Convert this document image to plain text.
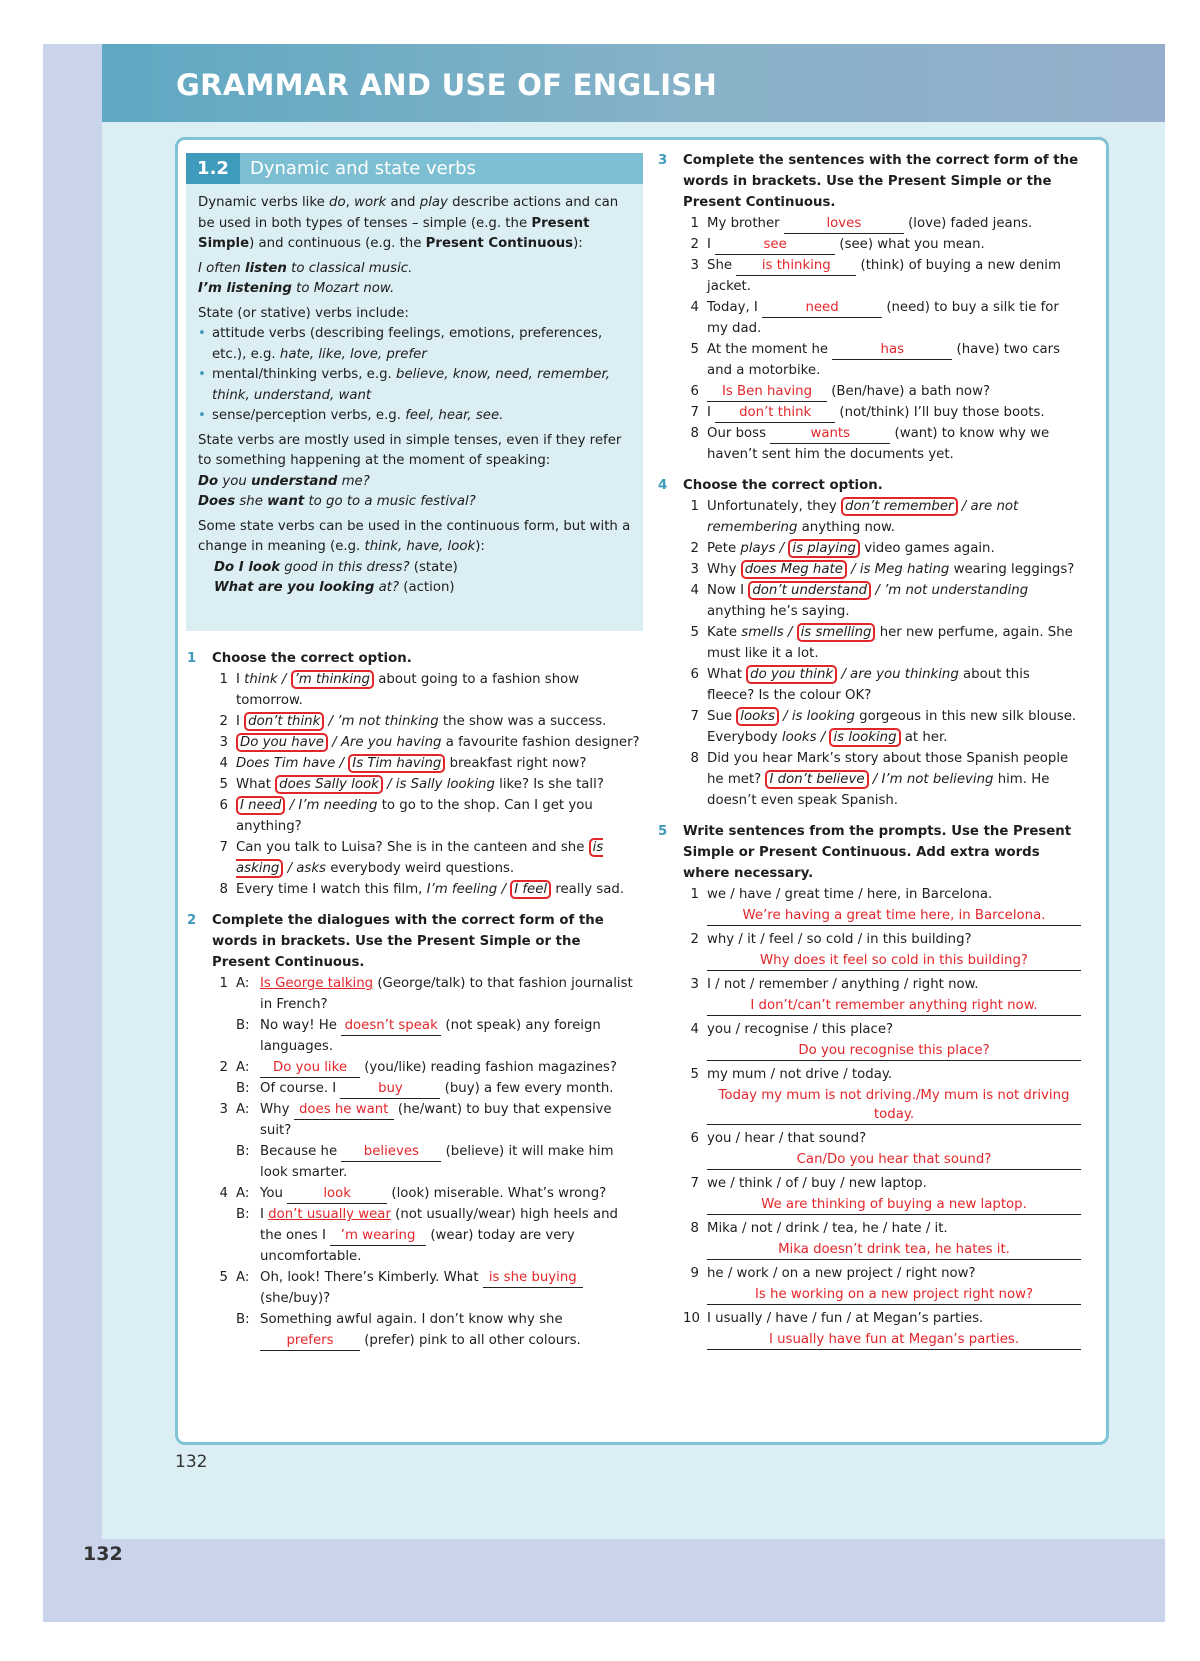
GRAMMAR AND USE OF ENGLISH
1.2	Dynamic and state verbs

Dynamic verbs like do, work and play describe actions and can be used in both types of tenses – simple (e.g. the Present Simple) and continuous (e.g. the Present Continuous):

I often listen to classical music.

I’m listening to Mozart now.

State (or stative) verbs include:

• attitude verbs (describing feelings, emotions, preferences, etc.), e.g. hate, like, love, prefer

• mental/thinking verbs, e.g. believe, know, need, remember, think, understand, want

• sense/perception verbs, e.g. feel, hear, see.

State verbs are mostly used in simple tenses, even if they refer to something happening at the moment of speaking:

Do you understand me?

Does she want to go to a music festival?

Some state verbs can be used in the continuous form, but with a change in meaning (e.g. think, have, look):

Do I look good in this dress? (state)

What are you looking at? (action)

1 Choose the correct option.
1 I think / ’m thinking about going to a fashion show tomorrow.
2 I don’t think / ’m not thinking the show was a success.
3 Do you have / Are you having a favourite fashion designer?
4 Does Tim have / Is Tim having breakfast right now?
5 What does Sally look / is Sally looking like? Is she tall?
6 I need / I’m needing to go to the shop. Can I get you anything?
7 Can you talk to Luisa? She is in the canteen and she is asking / asks everybody weird questions.
8 Every time I watch this film, I’m feeling / I feel really sad.
2 Complete the dialogues with the correct form of the words in brackets. Use the Present Simple or the Present Continuous.
1 A: Is George talking (George/talk) to that fashion journalist in French?
B: No way! He doesn’t speak (not speak) any foreign languages.
2 A: Do you like (you/like) reading fashion magazines?
B: Of course. I	buy	(buy) a few every month.
3 A: Why does he want (he/want) to buy that expensive suit?
B: Because he believes (believe) it will make him look smarter.
4 A: You	look	(look) miserable. What’s wrong?
B: I don’t usually wear (not usually/wear) high heels and the ones I ’m wearing (wear) today are very uncomfortable.
5 A: Oh, look! There’s Kimberly. What is she buying (she/buy)?
B: Something awful again. I don’t know why she prefers (prefer) pink to all other colours.
3 Complete the sentences with the correct form of the words in brackets. Use the Present Simple or the Present Continuous.
1 My brother	loves	(love) faded jeans.
2 I	see	(see) what you mean.
3 She is thinking (think) of buying a new denim jacket.
4 Today, I	need	(need) to buy a silk tie for my dad.
5 At the moment he	has	(have) two cars and a motorbike.
6 Is Ben having (Ben/have) a bath now?
7 I don’t think (not/think) I’ll buy those boots.
8 Our boss	wants	(want) to know why we haven’t sent him the documents yet.
4 Choose the correct option.
1 Unfortunately, they don’t remember / are not remembering anything now.
2 Pete plays / is playing video games again.
3 Why does Meg hate / is Meg hating wearing leggings?
4 Now I don’t understand / ’m not understanding anything he’s saying.
5 Kate smells / is smelling her new perfume, again. She must like it a lot.
6 What do you think / are you thinking about this fleece? Is the colour OK?
7 Sue looks / is looking gorgeous in this new silk blouse. Everybody looks / is looking at her.
8 Did you hear Mark’s story about those Spanish people he met? I don’t believe / I’m not believing him. He doesn’t even speak Spanish.
5 Write sentences from the prompts. Use the Present Simple or Present Continuous. Add extra words where necessary.
1 we / have / great time / here, in Barcelona.
We’re having a great time here, in Barcelona.
2 why / it / feel / so cold / in this building?
Why does it feel so cold in this building?
3 I / not / remember / anything / right now.
I don’t/can’t remember anything right now.
4 you / recognise / this place?
Do you recognise this place?
5 my mum / not drive / today.
Today my mum is not driving./My mum is not driving today.
6 you / hear / that sound?
Can/Do you hear that sound?
7 we / think / of / buy / new laptop.
We are thinking of buying a new laptop.
8 Mika / not / drink / tea, he / hate / it.
Mika doesn’t drink tea, he hates it.
9 he / work / on a new project / right now?
Is he working on a new project right now?
10 I usually / have / fun / at Megan’s parties.
I usually have fun at Megan’s parties.
132
132
